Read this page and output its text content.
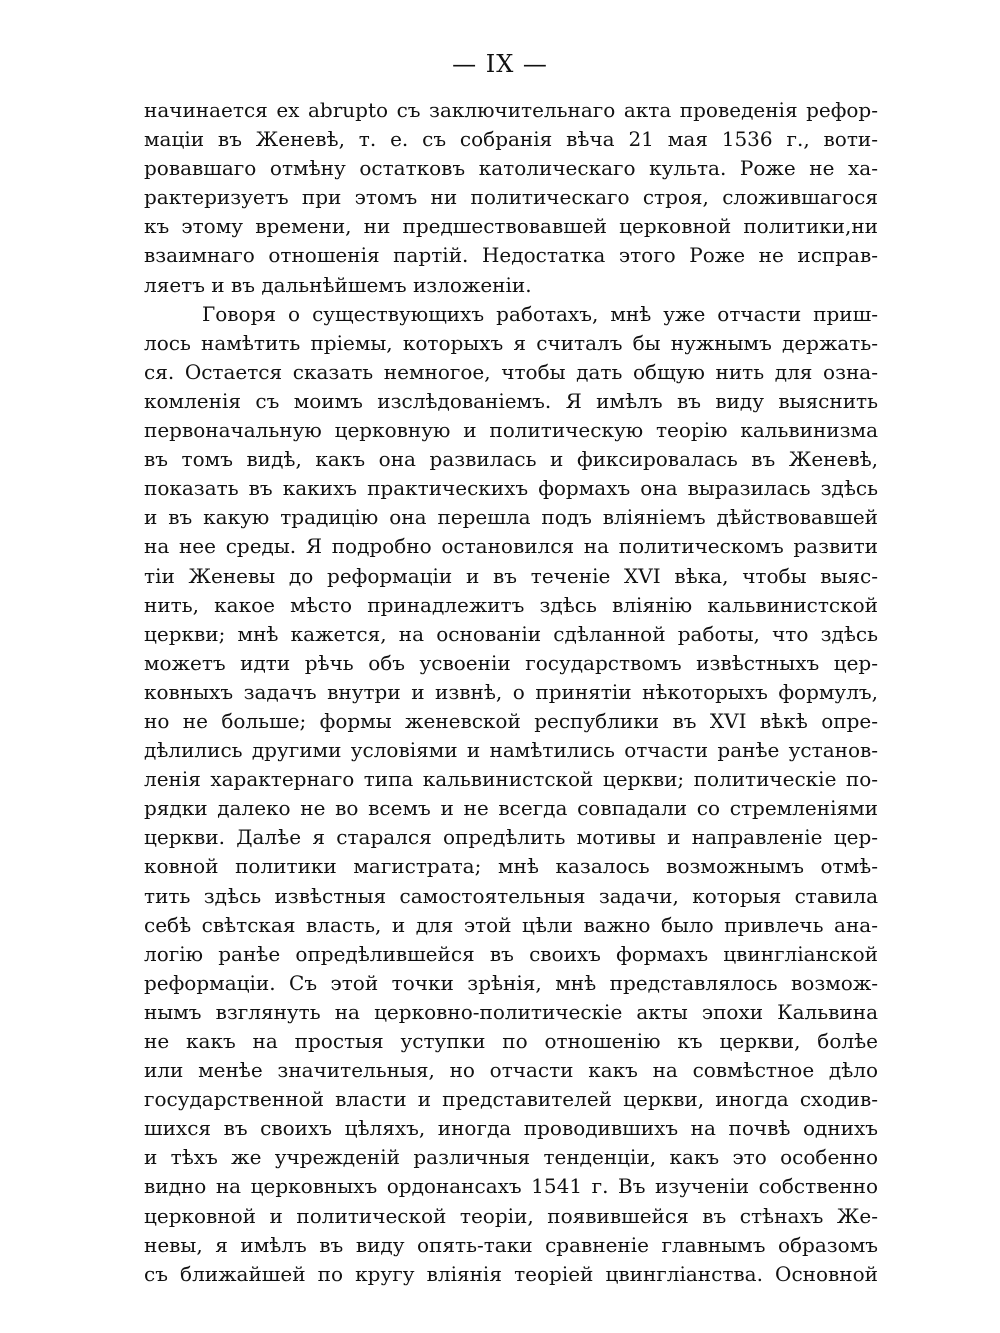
— IX —
начинается ex abrupto съ заключительнаго акта проведенія рефор-
маціи въ Женевѣ, т. е. съ собранія вѣча 21 мая 1536 г., воти-
ровавшаго отмѣну остатковъ католическаго культа. Роже не ха-
рактеризуетъ при этомъ ни политическаго строя, сложившагося
къ этому времени, ни предшествовавшей церковной политики,ни
взаимнаго отношенія партій. Недостатка этого Роже не исправ-
ляетъ и въ дальнѣйшемъ изложеніи.
Говоря о существующихъ работахъ, мнѣ уже отчасти приш-
лось намѣтить пріемы, которыхъ я считалъ бы нужнымъ держать-
ся. Остается сказать немногое, чтобы дать общую нить для озна-
комленія съ моимъ изслѣдованіемъ. Я имѣлъ въ виду выяснить
первоначальную церковную и политическую теорію кальвинизма
въ томъ видѣ, какъ она развилась и фиксировалась въ Женевѣ,
показать въ какихъ практическихъ формахъ она выразилась здѣсь
и въ какую традицію она перешла подъ вліяніемъ дѣйствовавшей
на нее среды. Я подробно остановился на политическомъ развити
тіи Женевы до реформаціи и въ теченіе XVI вѣка, чтобы выяс-
нить, какое мѣсто принадлежитъ здѣсь вліянію кальвинистской
церкви; мнѣ кажется, на основаніи сдѣланной работы, что здѣсь
можетъ идти рѣчь объ усвоеніи государствомъ извѣстныхъ цер-
ковныхъ задачъ внутри и извнѣ, о принятіи нѣкоторыхъ формулъ,
но не больше; формы женевской республики въ XVI вѣкѣ опре-
дѣлились другими условіями и намѣтились отчасти ранѣе установ-
ленія характернаго типа кальвинистской церкви; политическіе по-
рядки далеко не во всемъ и не всегда совпадали со стремленіями
церкви. Далѣе я старался опредѣлить мотивы и направленіе цер-
ковной политики магистрата; мнѣ казалось возможнымъ отмѣ-
тить здѣсь извѣстныя самостоятельныя задачи, которыя ставила
себѣ свѣтская власть, и для этой цѣли важно было привлечь ана-
логію ранѣе опредѣлившейся въ своихъ формахъ цвингліанской
реформаціи. Съ этой точки зрѣнія, мнѣ представлялось возмож-
нымъ взглянуть на церковно-политическіе акты эпохи Кальвина
не какъ на простыя уступки по отношенію къ церкви, болѣе
или менѣе значительныя, но отчасти какъ на совмѣстное дѣло
государственной власти и представителей церкви, иногда сходив-
шихся въ своихъ цѣляхъ, иногда проводившихъ на почвѣ однихъ
и тѣхъ же учрежденій различныя тенденціи, какъ это особенно
видно на церковныхъ ордонансахъ 1541 г. Въ изученіи собственно
церковной и политической теоріи, появившейся въ стѣнахъ Же-
невы, я имѣлъ въ виду опять-таки сравненіе главнымъ образомъ
съ ближайшей по кругу вліянія теоріей цвингліанства. Основной
